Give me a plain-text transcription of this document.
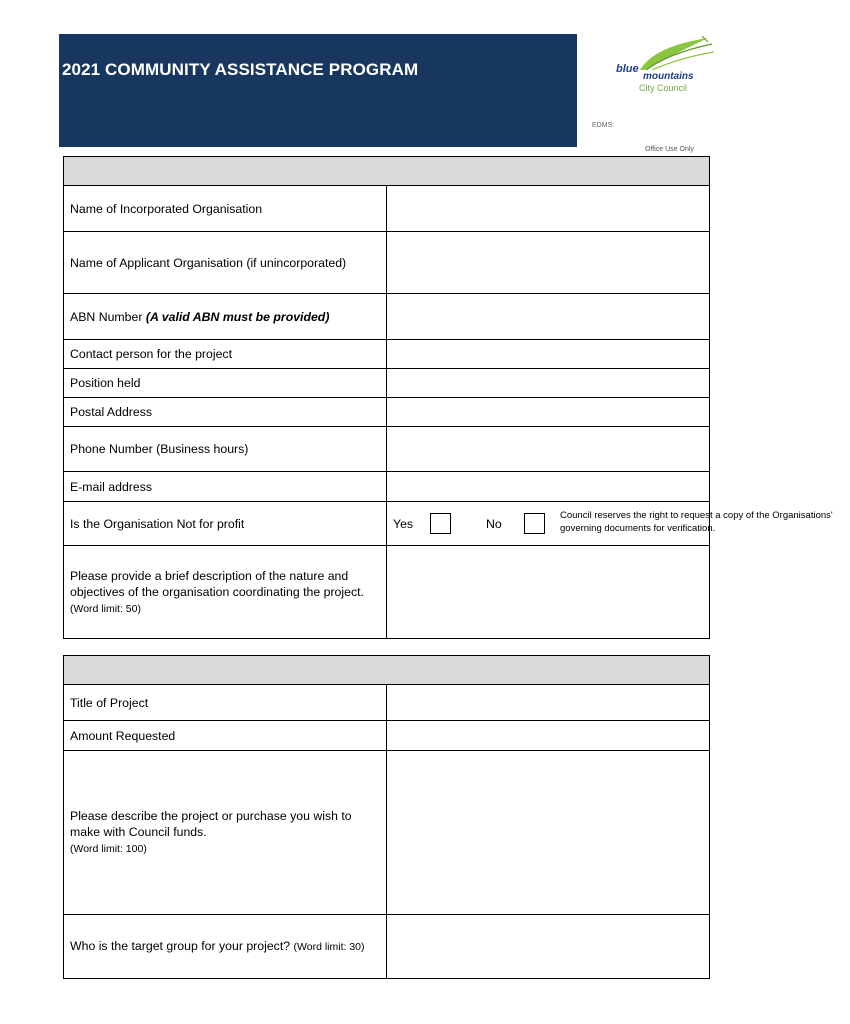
2021 COMMUNITY ASSISTANCE PROGRAM	blue
mountains
City Council
EDMS:
Office Use Only

Name of Incorporated Organisation	
Name of Applicant Organisation (if unincorporated)	
ABN Number (A valid ABN must be provided)	
Contact person for the project	
Position held	
Postal Address	
Phone Number (Business hours)	
E-mail address	
Is the Organisation Not for profit	Yes No
Council reserves the right to request a copy of the Organisations' governing documents for verification.

Please provide a brief description of the nature and objectives of the organisation coordinating the project.
(Word limit: 50)	

Title of Project	
Amount Requested	
Please describe the project or purchase you wish to make with Council funds.
(Word limit: 100)	
Who is the target group for your project? (Word limit: 30)	
